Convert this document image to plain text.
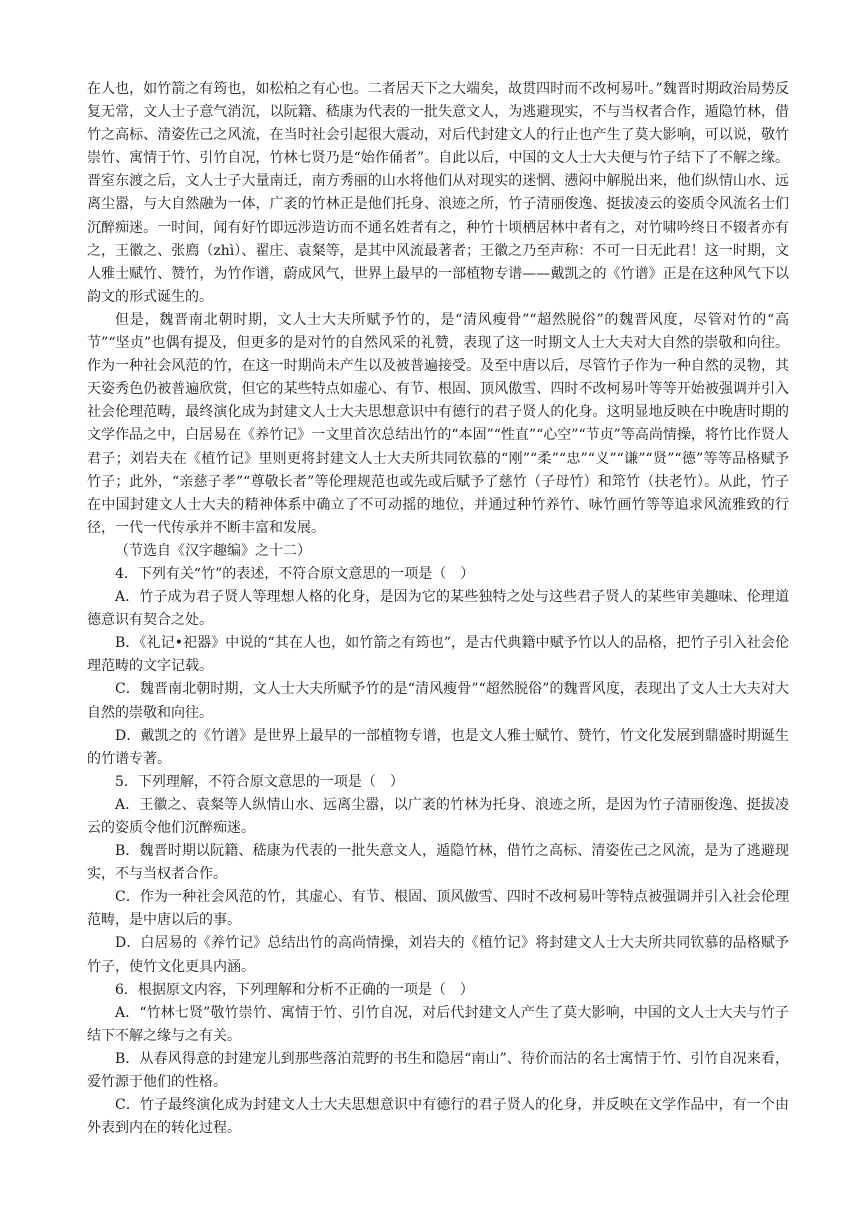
在人也，如竹箭之有筠也，如松柏之有心也。二者居天下之大端矣，故贯四时而不改柯易叶。”魏晋时期政治局势反复无常，文人士子意气消沉，以阮籍、嵇康为代表的一批失意文人，为逃避现实，不与当权者合作，遁隐竹林，借竹之高标、清姿佐己之风流，在当时社会引起很大震动，对后代封建文人的行止也产生了莫大影响，可以说，敬竹崇竹、寓情于竹、引竹自况，竹林七贤乃是“始作俑者”。自此以后，中国的文人士大夫便与竹子结下了不解之缘。晋室东渡之后，文人士子大量南迁，南方秀丽的山水将他们从对现实的迷惘、懑闷中解脱出来，他们纵情山水、远离尘嚣，与大自然融为一体，广袤的竹林正是他们托身、浪迹之所，竹子清丽俊逸、挺拔凌云的姿质令风流名士们沉醉痴迷。一时间，闻有好竹即远涉造访而不通名姓者有之，种竹十顷栖居林中者有之，对竹啸吟终日不辍者亦有之，王徽之、张廌（zhì）、翟庄、袁粲等，是其中风流最著者；王徽之乃至声称：不可一日无此君！这一时期，文人雅士赋竹、赞竹，为竹作谱，蔚成风气，世界上最早的一部植物专谱——戴凯之的《竹谱》正是在这种风气下以韵文的形式诞生的。

但是，魏晋南北朝时期，文人士大夫所赋予竹的，是“清风瘦骨”“超然脱俗”的魏晋风度，尽管对竹的“高节”“坚贞”也偶有提及，但更多的是对竹的自然风采的礼赞，表现了这一时期文人士大夫对大自然的崇敬和向往。作为一种社会风范的竹，在这一时期尚未产生以及被普遍接受。及至中唐以后，尽管竹子作为一种自然的灵物，其天姿秀色仍被普遍欣赏，但它的某些特点如虚心、有节、根固、顶风傲雪、四时不改柯易叶等等开始被强调并引入社会伦理范畴，最终演化成为封建文人士大夫思想意识中有德行的君子贤人的化身。这明显地反映在中晚唐时期的文学作品之中，白居易在《养竹记》一文里首次总结出竹的“本固”“性直”“心空”“节贞”等高尚情操，将竹比作贤人君子；刘岩夫在《植竹记》里则更将封建文人士大夫所共同钦慕的“刚”“柔”“忠”“义”“谦”“贤”“德”等等品格赋予竹子；此外，“亲慈子孝”“尊敬长者”等伦理规范也或先或后赋予了慈竹（子母竹）和筇竹（扶老竹）。从此，竹子在中国封建文人士大夫的精神体系中确立了不可动摇的地位，并通过种竹养竹、咏竹画竹等等追求风流雅致的行径，一代一代传承并不断丰富和发展。

（节选自《汉字趣编》之十二）

4．下列有关“竹”的表述，不符合原文意思的一项是（　）

A．竹子成为君子贤人等理想人格的化身，是因为它的某些独特之处与这些君子贤人的某些审美趣味、伦理道德意识有契合之处。

B．《礼记•祀器》中说的“其在人也，如竹箭之有筠也”，是古代典籍中赋予竹以人的品格，把竹子引入社会伦理范畴的文字记载。

C．魏晋南北朝时期，文人士大夫所赋予竹的是“清风瘦骨”“超然脱俗”的魏晋风度，表现出了文人士大夫对大自然的崇敬和向往。

D．戴凯之的《竹谱》是世界上最早的一部植物专谱，也是文人雅士赋竹、赞竹，竹文化发展到鼎盛时期诞生的竹谱专著。

5．下列理解，不符合原文意思的一项是（　）

A．王徽之、袁粲等人纵情山水、远离尘嚣，以广袤的竹林为托身、浪迹之所，是因为竹子清丽俊逸、挺拔凌云的姿质令他们沉醉痴迷。

B．魏晋时期以阮籍、嵇康为代表的一批失意文人，遁隐竹林，借竹之高标、清姿佐己之风流，是为了逃避现实，不与当权者合作。

C．作为一种社会风范的竹，其虚心、有节、根固、顶风傲雪、四时不改柯易叶等特点被强调并引入社会伦理范畴，是中唐以后的事。

D．白居易的《养竹记》总结出竹的高尚情操，刘岩夫的《植竹记》将封建文人士大夫所共同钦慕的品格赋予竹子，使竹文化更具内涵。

6．根据原文内容，下列理解和分析不正确的一项是（　）

A．“竹林七贤”敬竹崇竹、寓情于竹、引竹自况，对后代封建文人产生了莫大影响，中国的文人士大夫与竹子结下不解之缘与之有关。

B．从春风得意的封建宠儿到那些落泊荒野的书生和隐居“南山”、待价而沽的名士寓情于竹、引竹自况来看，爱竹源于他们的性格。

C．竹子最终演化成为封建文人士大夫思想意识中有德行的君子贤人的化身，并反映在文学作品中，有一个由外表到内在的转化过程。
